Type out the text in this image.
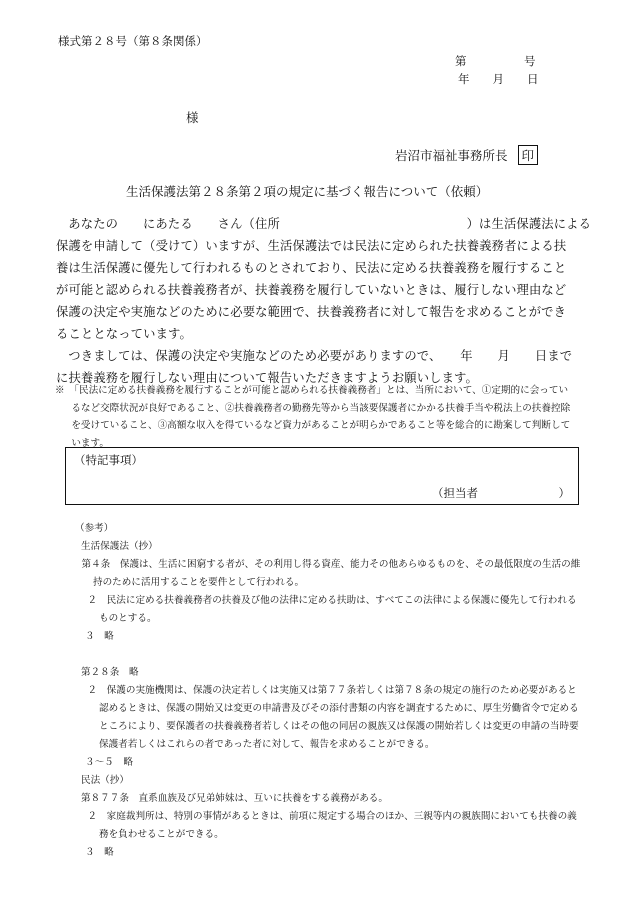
様式第２８号（第８条関係）
第　　　　　号
年　　月　　日
様
岩沼市福祉事務所長 印
生活保護法第２８条第２項の規定に基づく報告について（依頼）

あなたの　　にあたる　　さん（住所　　　　　　　　　　　　　　　）は生活保護法による

保護を申請して（受けて）いますが、生活保護法では民法に定められた扶養義務者による扶養は生活保護に優先して行われるものとされており、民法に定める扶養義務を履行することが可能と認められる扶養義務者が、扶養義務を履行していないときは、履行しない理由など保護の決定や実施などのために必要な範囲で、扶養義務者に対して報告を求めることができることとなっています。

つきましては、保護の決定や実施などのため必要がありますので、　　年　　月　　日までに扶養義務を履行しない理由について報告いただきますようお願いします。

※　「民法に定める扶養義務を履行することが可能と認められる扶養義務者」とは、当所において、①定期的に会っているなど交際状況が良好であること、②扶養義務者の勤務先等から当該要保護者にかかる扶養手当や税法上の扶養控除を受けていること、③高額な収入を得ているなど資力があることが明らかであること等を総合的に勘案して判断しています。
（特記事項）
（担当者　　　　　　　）
（参考）
生活保護法（抄）
第４条　保護は、生活に困窮する者が、その利用し得る資産、能力その他あらゆるものを、その最低限度の生活の維持のために活用することを要件として行われる。
２　民法に定める扶養義務者の扶養及び他の法律に定める扶助は、すべてこの法律による保護に優先して行われるものとする。
３　略
第２８条　略
２　保護の実施機関は、保護の決定若しくは実施又は第７７条若しくは第７８条の規定の施行のため必要があると認めるときは、保護の開始又は変更の申請書及びその添付書類の内容を調査するために、厚生労働省令で定めるところにより、要保護者の扶養義務者若しくはその他の同居の親族又は保護の開始若しくは変更の申請の当時要保護者若しくはこれらの者であった者に対して、報告を求めることができる。
３～５　略
民法（抄）
第８７７条　直系血族及び兄弟姉妹は、互いに扶養をする義務がある。
２　家庭裁判所は、特別の事情があるときは、前項に規定する場合のほか、三親等内の親族間においても扶養の義務を負わせることができる。
３　略
